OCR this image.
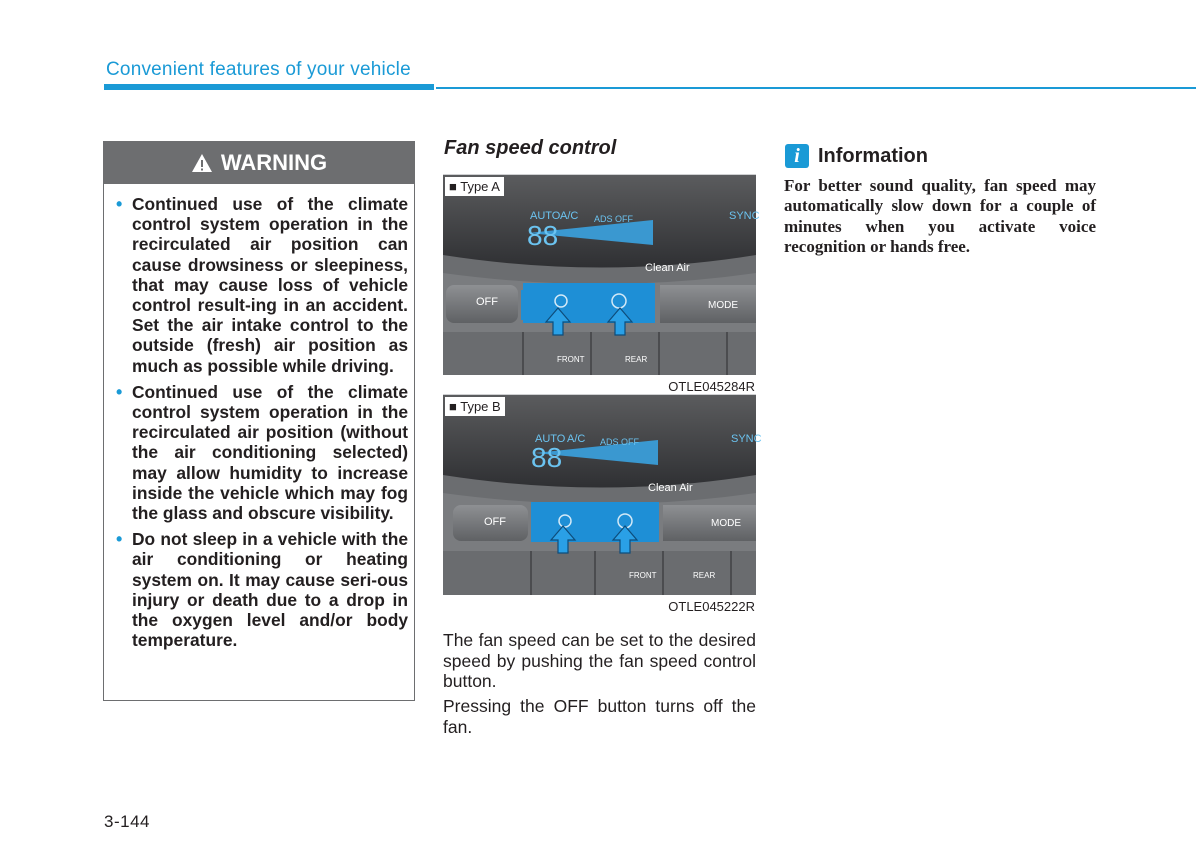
Convenient features of your vehicle
WARNING
• Continued use of the climate control system operation in the recirculated air position can cause drowsiness or sleepiness, that may cause loss of vehicle control result-ing in an accident. Set the air intake control to the outside (fresh) air position as much as possible while driving.
• Continued use of the climate control system operation in the recirculated air position (without the air conditioning selected) may allow humidity to increase inside the vehicle which may fog the glass and obscure visibility.
• Do not sleep in a vehicle with the air conditioning or heating system on. It may cause seri-ous injury or death due to a drop in the oxygen level and/or body temperature.
Fan speed control
AUTO A/C ADS OFF
88
SYNC
Clean Air
OFF	MODE
FRONT	REAR
■ Type A
OTLE045284R
AUTO A/C ADS OFF
88
SYNC
Clean Air
OFF	MODE
FRONT	REAR
■ Type B
OTLE045222R
The fan speed can be set to the desired speed by pushing the fan speed control button.
Pressing the OFF button turns off the fan.
i Information
For better sound quality, fan speed may automatically slow down for a couple of minutes when you activate voice recognition or hands free.
3-144
